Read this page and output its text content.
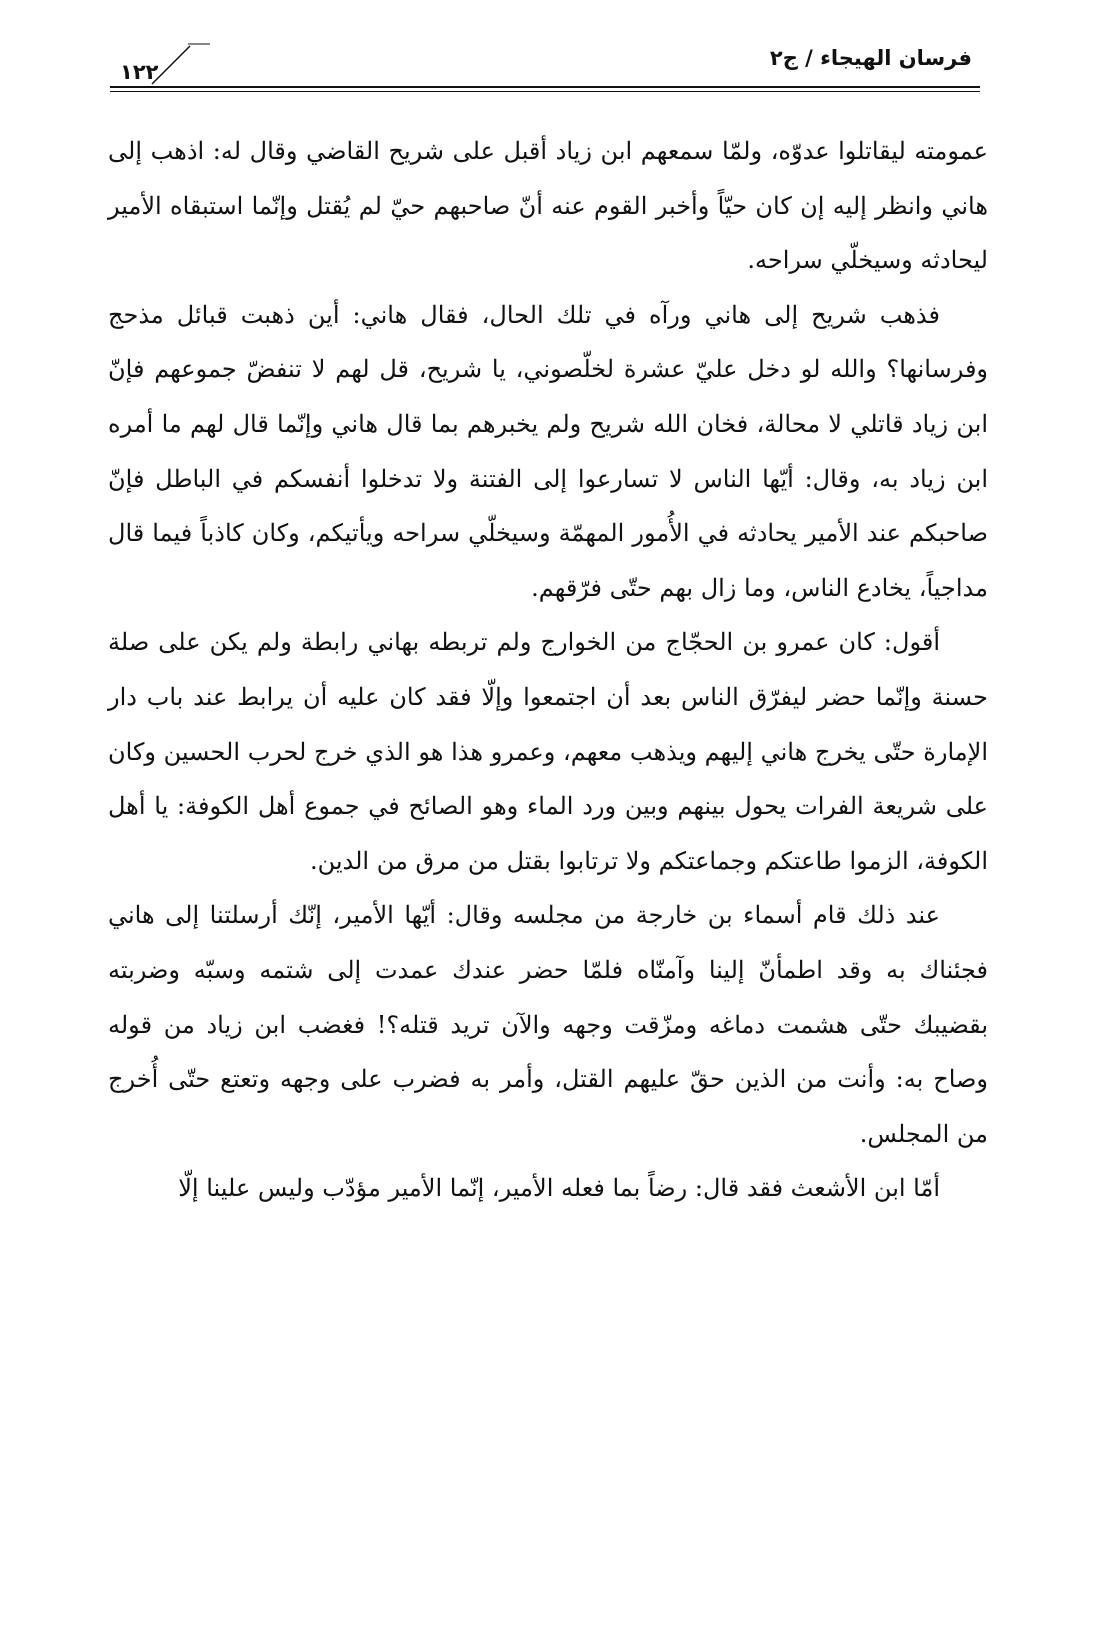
فرسان الهيجاء / ج٢
١٢٢

عمومته ليقاتلوا عدوّه، ولمّا سمعهم ابن زياد أقبل على شريح القاضي وقال له: اذهب إلى هاني وانظر إليه إن كان حيّاً وأخبر القوم عنه أنّ صاحبهم حيّ لم يُقتل وإنّما استبقاه الأمير ليحادثه وسيخلّي سراحه.

فذهب شريح إلى هاني ورآه في تلك الحال، فقال هاني: أين ذهبت قبائل مذحج وفرسانها؟ والله لو دخل عليّ عشرة لخلّصوني، يا شريح، قل لهم لا تنفضّ جموعهم فإنّ ابن زياد قاتلي لا محالة، فخان الله شريح ولم يخبرهم بما قال هاني وإنّما قال لهم ما أمره ابن زياد به، وقال: أيّها الناس لا تسارعوا إلى الفتنة ولا تدخلوا أنفسكم في الباطل فإنّ صاحبكم عند الأمير يحادثه في الأُمور المهمّة وسيخلّي سراحه ويأتيكم، وكان كاذباً فيما قال مداجياً، يخادع الناس، وما زال بهم حتّى فرّقهم.

أقول: كان عمرو بن الحجّاج من الخوارج ولم تربطه بهاني رابطة ولم يكن على صلة حسنة وإنّما حضر ليفرّق الناس بعد أن اجتمعوا وإلّا فقد كان عليه أن يرابط عند باب دار الإمارة حتّى يخرج هاني إليهم ويذهب معهم، وعمرو هذا هو الذي خرج لحرب الحسين وكان على شريعة الفرات يحول بينهم وبين ورد الماء وهو الصائح في جموع أهل الكوفة: يا أهل الكوفة، الزموا طاعتكم وجماعتكم ولا ترتابوا بقتل من مرق من الدين.

عند ذلك قام أسماء بن خارجة من مجلسه وقال: أيّها الأمير، إنّك أرسلتنا إلى هاني فجئناك به وقد اطمأنّ إلينا وآمنّاه فلمّا حضر عندك عمدت إلى شتمه وسبّه وضربته بقضيبك حتّى هشمت دماغه ومزّقت وجهه والآن تريد قتله؟! فغضب ابن زياد من قوله وصاح به: وأنت من الذين حقّ عليهم القتل، وأمر به فضرب على وجهه وتعتع حتّى أُخرج من المجلس.

أمّا ابن الأشعث فقد قال: رضاً بما فعله الأمير، إنّما الأمير مؤدّب وليس علينا إلّا
